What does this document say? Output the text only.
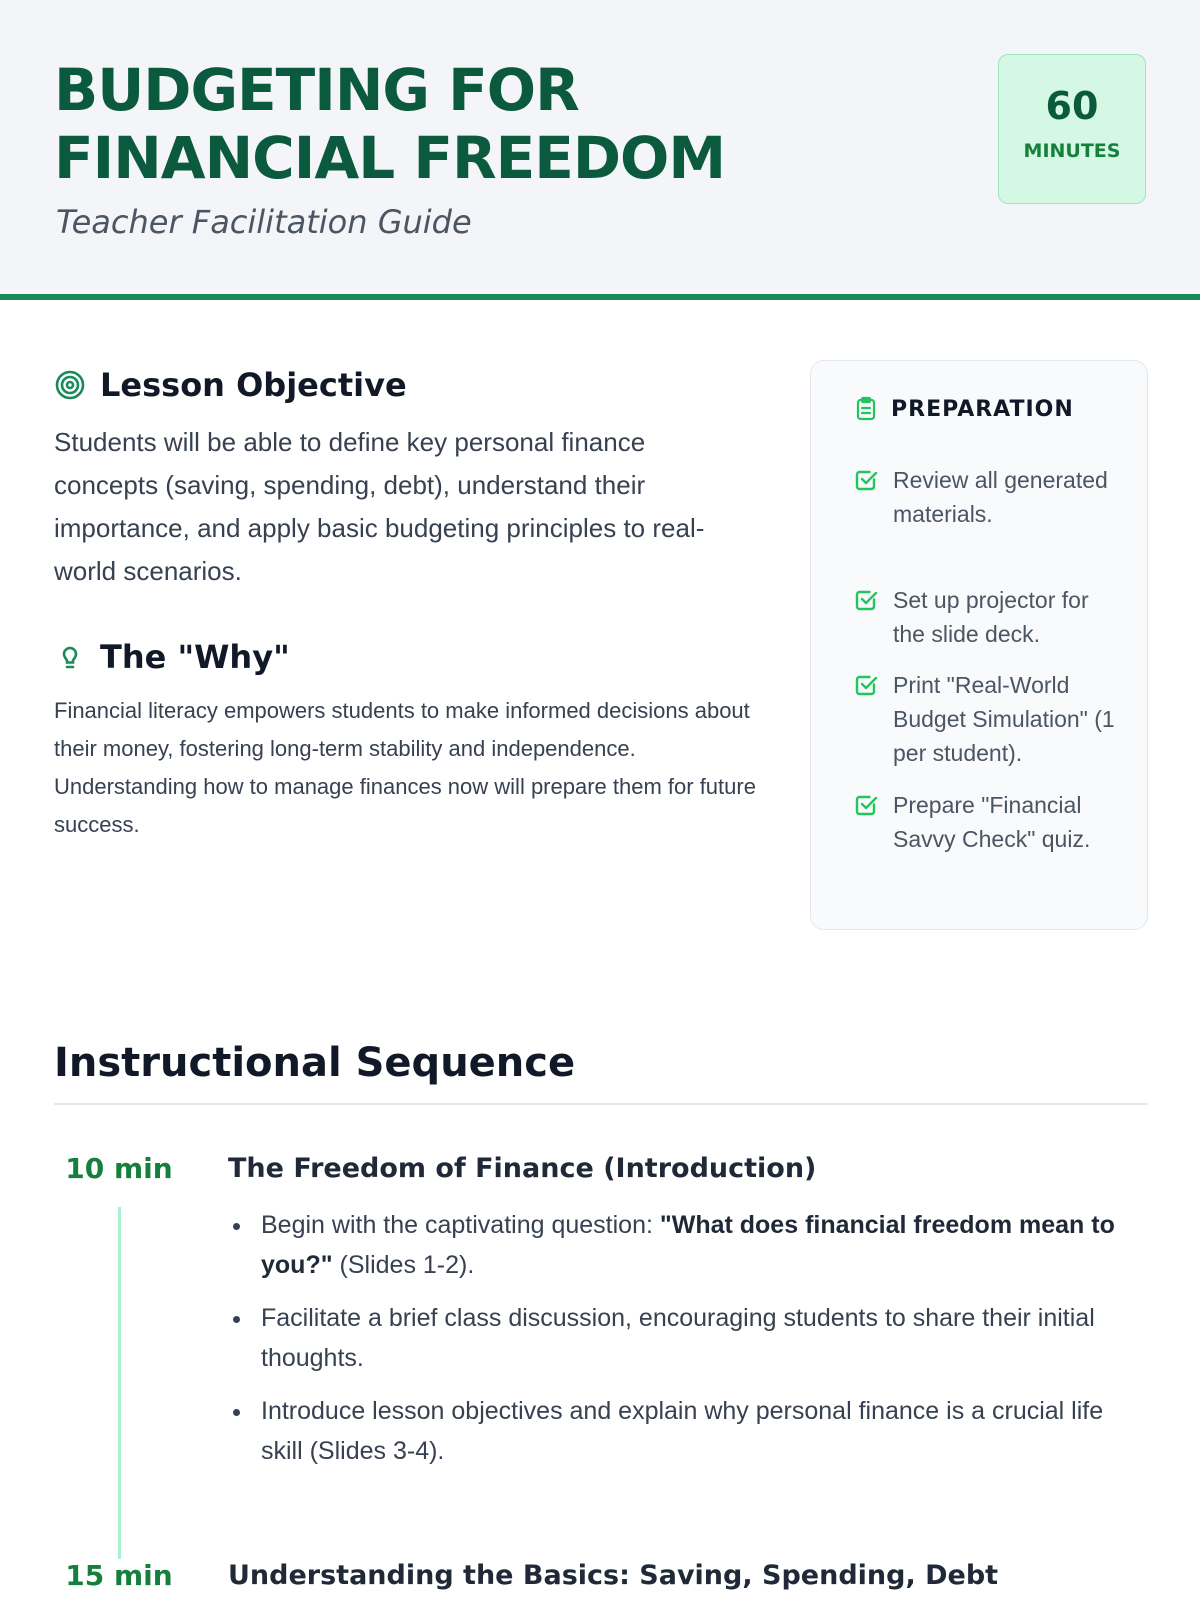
BUDGETING FOR FINANCIAL FREEDOM
Teacher Facilitation Guide
60
MINUTES
Lesson Objective

Students will be able to define key personal finance concepts (saving, spending, debt), understand their importance, and apply basic budgeting principles to real-world scenarios.

The "Why"

Financial literacy empowers students to make informed decisions about their money, fostering long-term stability and independence. Understanding how to manage finances now will prepare them for future success.

PREPARATION
Review all generated materials.
Set up projector for the slide deck.
Print "Real-World Budget Simulation" (1 per student).
Prepare "Financial Savvy Check" quiz.
Instructional Sequence
10 min	The Freedom of Finance (Introduction)
Begin with the captivating question: "What does financial freedom mean to you?" (Slides 1-2).
Facilitate a brief class discussion, encouraging students to share their initial thoughts.
Introduce lesson objectives and explain why personal finance is a crucial life skill (Slides 3-4).
15 min	Understanding the Basics: Saving, Spending, Debt
